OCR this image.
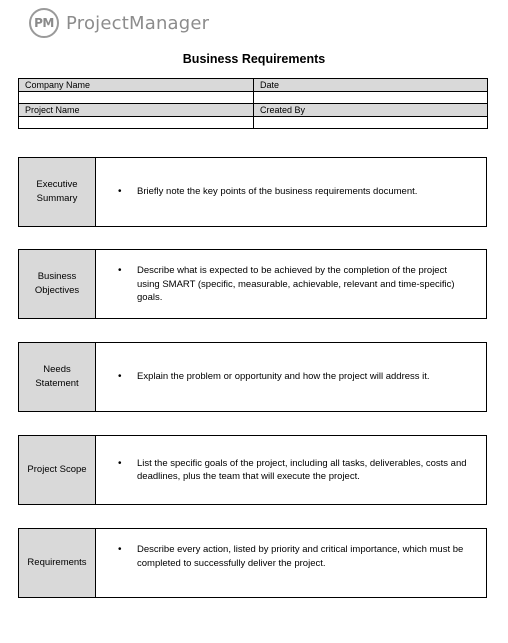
PM ProjectManager
Business Requirements
Company Name	Date

Project Name	Created By

Executive
Summary
• Briefly note the key points of the business requirements document.
Business
Objectives
• Describe what is expected to be achieved by the completion of the project using SMART (specific, measurable, achievable, relevant and time-specific) goals.
Needs
Statement
• Explain the problem or opportunity and how the project will address it.
Project Scope
• List the specific goals of the project, including all tasks, deliverables, costs and deadlines, plus the team that will execute the project.
Requirements
• Describe every action, listed by priority and critical importance, which must be completed to successfully deliver the project.
